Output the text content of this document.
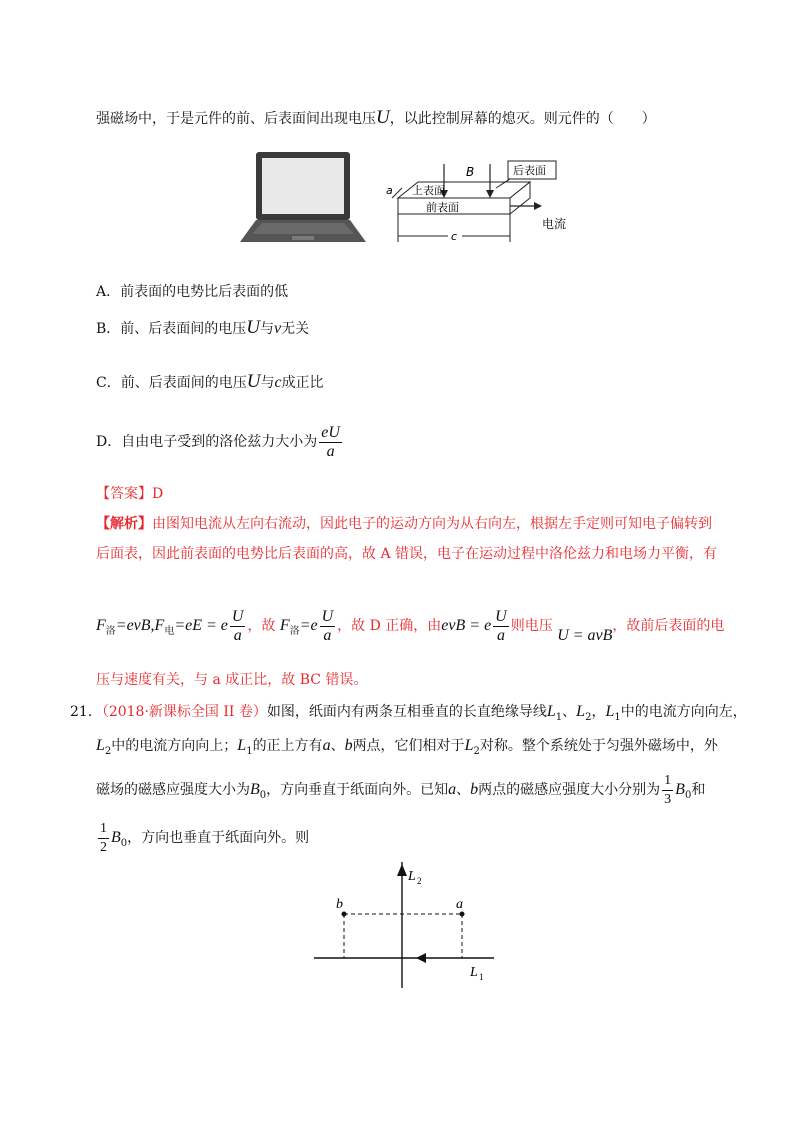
强磁场中，于是元件的前、后表面间出现电压U，以此控制屏幕的熄灭。则元件的（　　）
B	后表面
a 上表面
前表面
c
电流
A．前表面的电势比后表面的低
B．前、后表面间的电压U与v无关
C．前、后表面间的电压U与c成正比
D．自由电子受到的洛伦兹力大小为 $\frac{eU}{a}$
【答案】D
【解析】由图知电流从左向右流动，因此电子的运动方向为从右向左，根据左手定则可知电子偏转到
后面表，因此前表面的电势比后表面的高，故 A 错误，电子在运动过程中洛伦兹力和电场力平衡，有
$F_洛=evB,F_电=eE = e \frac{U}{a}$ ，故 $F_洛=e \frac{U}{a}$ ，故 D 正确，由evB = e $\frac{U}{a}$ 则电压 U = avB，故前后表面的电
压与速度有关，与 a 成正比，故 BC 错误。
21．（2018·新课标全国 II 卷）如图，纸面内有两条互相垂直的长直绝缘导线$L_1$、$L_2$，$L_1$中的电流方向向左，
$L_2$中的电流方向向上；$L_1$的正上方有a、b两点，它们相对于$L_2$对称。整个系统处于匀强外磁场中，外
磁场的磁感应强度大小为$B_0$，方向垂直于纸面向外。已知a、b两点的磁感应强度大小分别为 $\frac{1}{3} B_0$和
$\frac{1}{2} B_0$，方向也垂直于纸面向外。则
b	a
L 2
L 1
